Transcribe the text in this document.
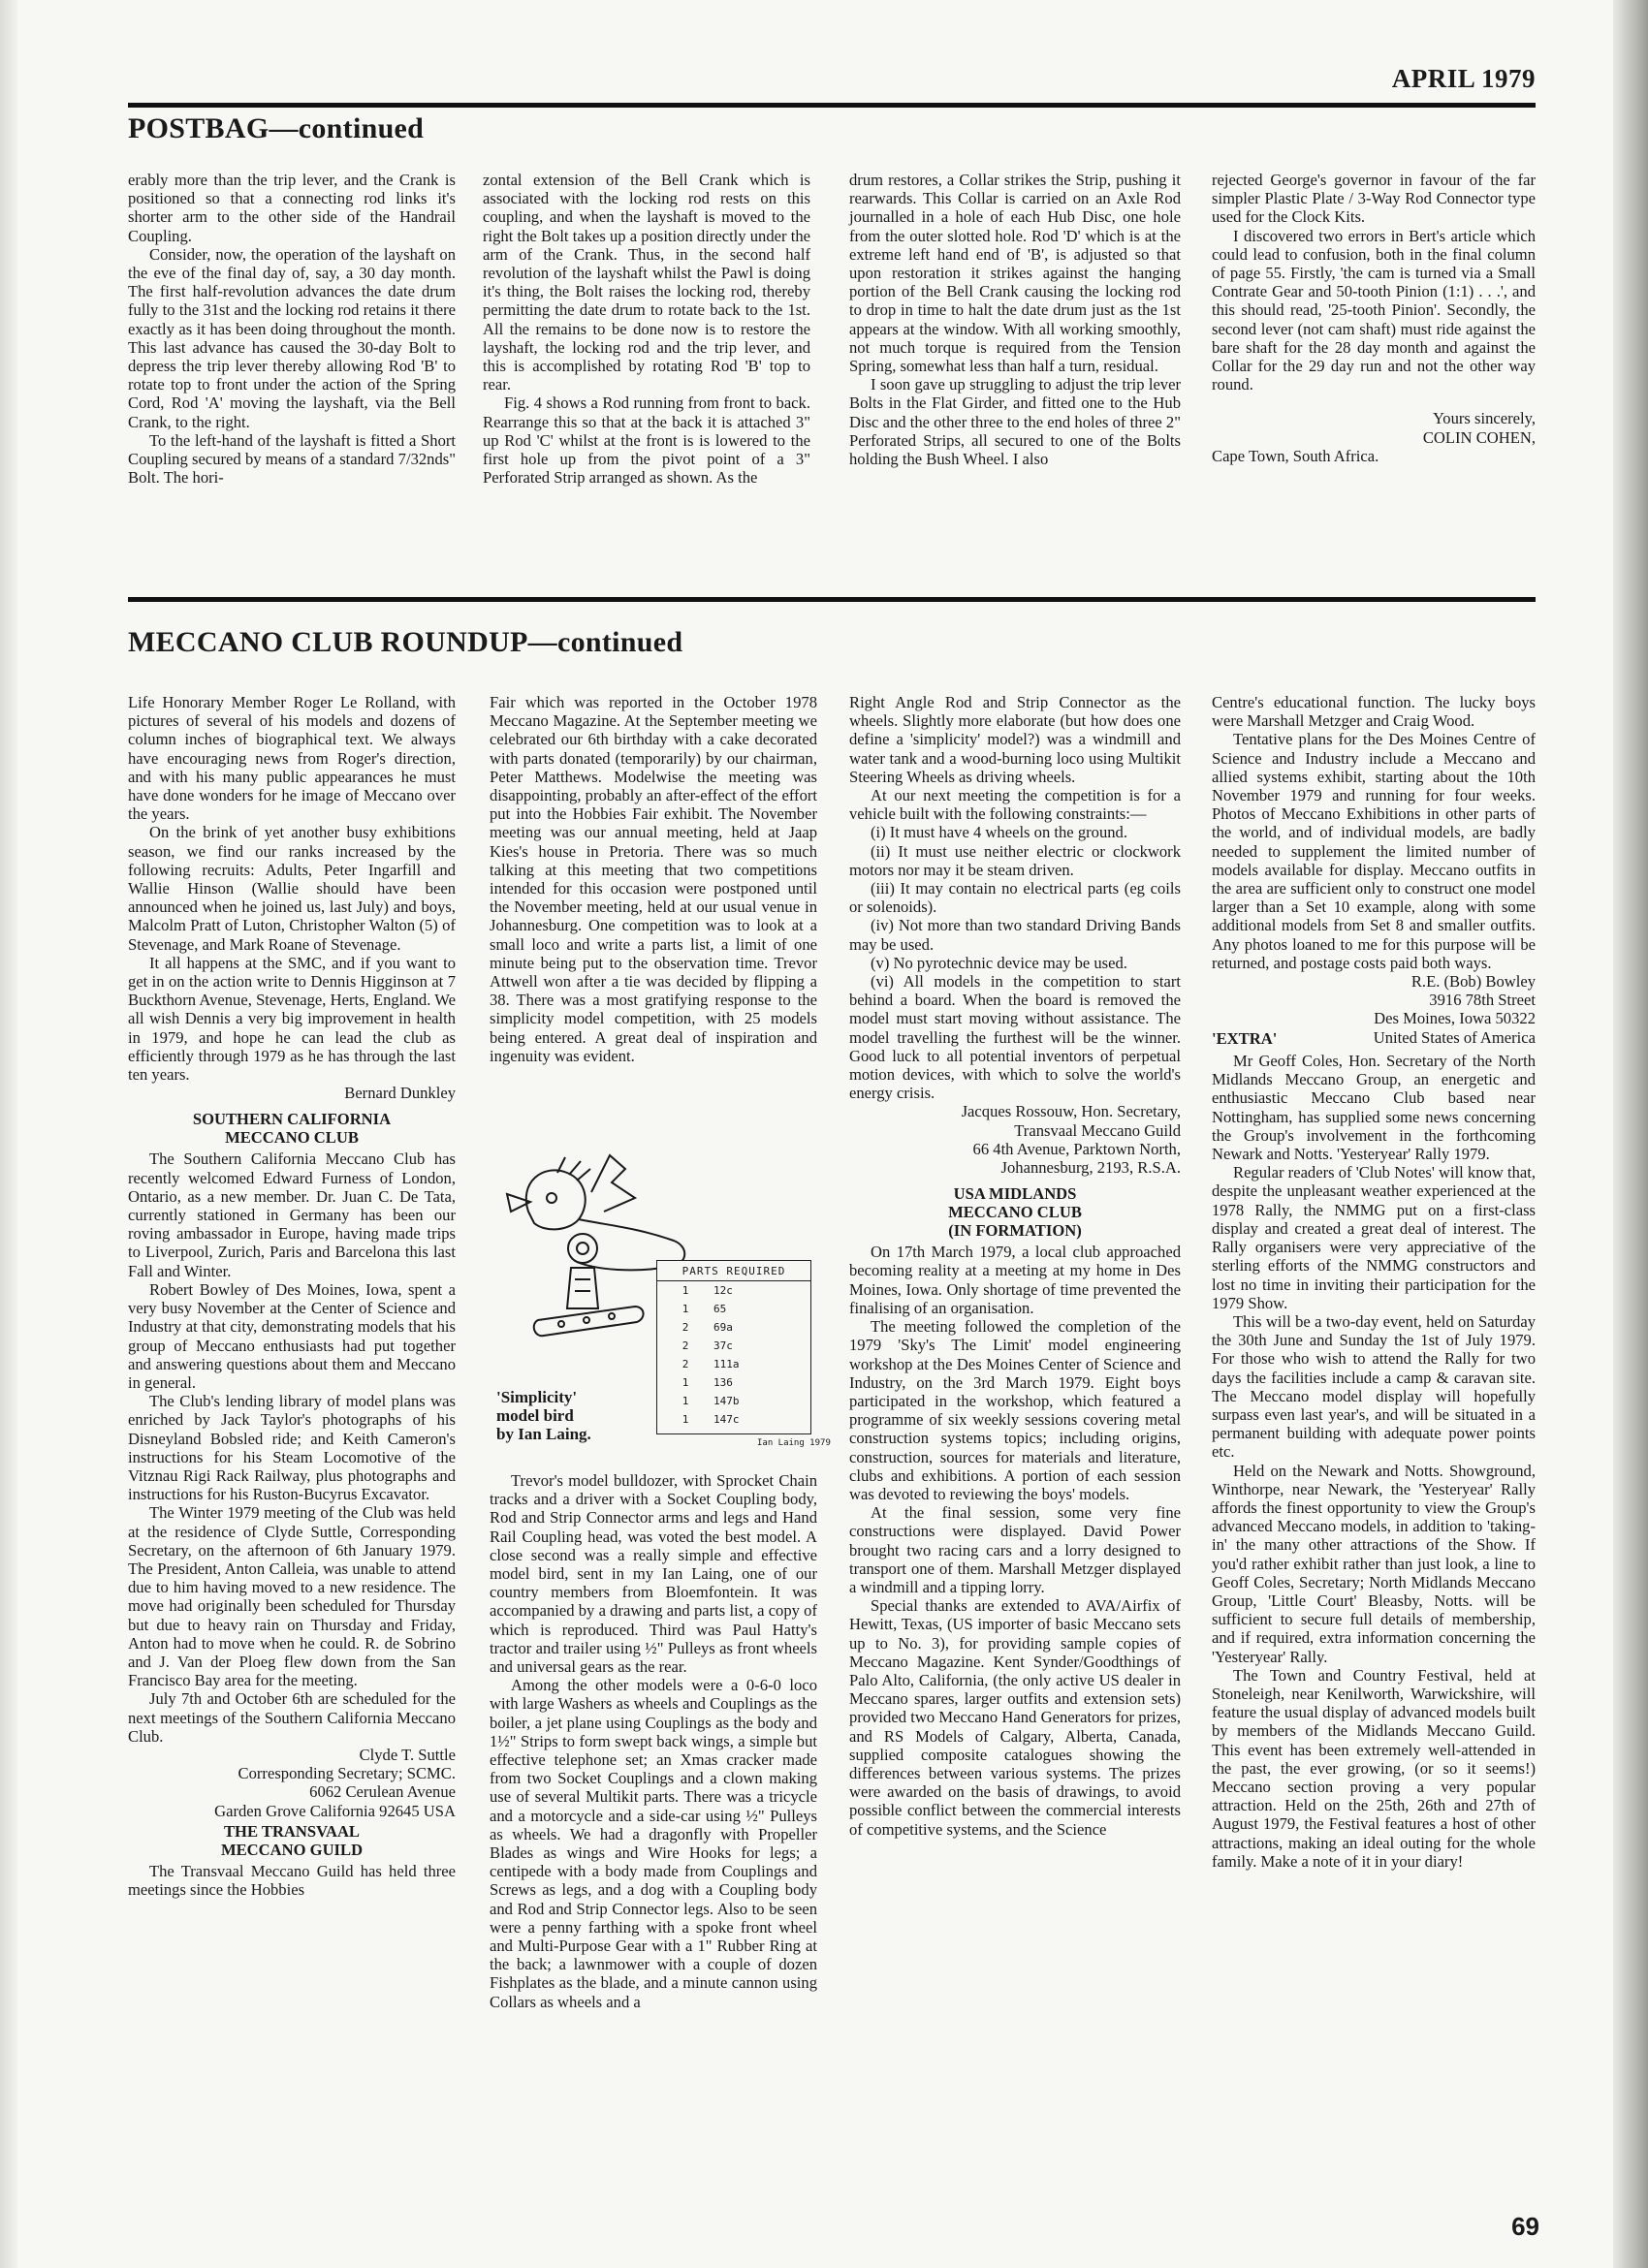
APRIL 1979
POSTBAG—continued

erably more than the trip lever, and the Crank is positioned so that a connecting rod links it's shorter arm to the other side of the Handrail Coupling.

Consider, now, the operation of the layshaft on the eve of the final day of, say, a 30 day month. The first half-revolution advances the date drum fully to the 31st and the locking rod retains it there exactly as it has been doing throughout the month. This last advance has caused the 30-day Bolt to depress the trip lever thereby allowing Rod 'B' to rotate top to front under the action of the Spring Cord, Rod 'A' moving the layshaft, via the Bell Crank, to the right.

To the left-hand of the layshaft is fitted a Short Coupling secured by means of a standard 7/32nds" Bolt. The hori-

zontal extension of the Bell Crank which is associated with the locking rod rests on this coupling, and when the layshaft is moved to the right the Bolt takes up a position directly under the arm of the Crank. Thus, in the second half revolution of the layshaft whilst the Pawl is doing it's thing, the Bolt raises the locking rod, thereby permitting the date drum to rotate back to the 1st. All the remains to be done now is to restore the layshaft, the locking rod and the trip lever, and this is accomplished by rotating Rod 'B' top to rear.

Fig. 4 shows a Rod running from front to back. Rearrange this so that at the back it is attached 3" up Rod 'C' whilst at the front is is lowered to the first hole up from the pivot point of a 3" Perforated Strip arranged as shown. As the

drum restores, a Collar strikes the Strip, pushing it rearwards. This Collar is carried on an Axle Rod journalled in a hole of each Hub Disc, one hole from the outer slotted hole. Rod 'D' which is at the extreme left hand end of 'B', is adjusted so that upon restoration it strikes against the hanging portion of the Bell Crank causing the locking rod to drop in time to halt the date drum just as the 1st appears at the window. With all working smoothly, not much torque is required from the Tension Spring, somewhat less than half a turn, residual.

I soon gave up struggling to adjust the trip lever Bolts in the Flat Girder, and fitted one to the Hub Disc and the other three to the end holes of three 2" Perforated Strips, all secured to one of the Bolts holding the Bush Wheel. I also

rejected George's governor in favour of the far simpler Plastic Plate / 3-Way Rod Connector type used for the Clock Kits.

I discovered two errors in Bert's article which could lead to confusion, both in the final column of page 55. Firstly, 'the cam is turned via a Small Contrate Gear and 50-tooth Pinion (1:1) . . .', and this should read, '25-tooth Pinion'. Secondly, the second lever (not cam shaft) must ride against the bare shaft for the 28 day month and against the Collar for the 29 day run and not the other way round.

Yours sincerely,

COLIN COHEN,

Cape Town, South Africa.

MECCANO CLUB ROUNDUP—continued

Life Honorary Member Roger Le Rolland, with pictures of several of his models and dozens of column inches of biographical text. We always have encouraging news from Roger's direction, and with his many public appearances he must have done wonders for he image of Meccano over the years.

On the brink of yet another busy exhibitions season, we find our ranks increased by the following recruits: Adults, Peter Ingarfill and Wallie Hinson (Wallie should have been announced when he joined us, last July) and boys, Malcolm Pratt of Luton, Christopher Walton (5) of Stevenage, and Mark Roane of Stevenage.

It all happens at the SMC, and if you want to get in on the action write to Dennis Higginson at 7 Buckthorn Avenue, Stevenage, Herts, England. We all wish Dennis a very big improvement in health in 1979, and hope he can lead the club as efficiently through 1979 as he has through the last ten years.

Bernard Dunkley

SOUTHERN CALIFORNIA
MECCANO CLUB

The Southern California Meccano Club has recently welcomed Edward Furness of London, Ontario, as a new member. Dr. Juan C. De Tata, currently stationed in Germany has been our roving ambassador in Europe, having made trips to Liverpool, Zurich, Paris and Barcelona this last Fall and Winter.

Robert Bowley of Des Moines, Iowa, spent a very busy November at the Center of Science and Industry at that city, demonstrating models that his group of Meccano enthusiasts had put together and answering questions about them and Meccano in general.

The Club's lending library of model plans was enriched by Jack Taylor's photographs of his Disneyland Bobsled ride; and Keith Cameron's instructions for his Steam Locomotive of the Vitznau Rigi Rack Railway, plus photographs and instructions for his Ruston-Bucyrus Excavator.

The Winter 1979 meeting of the Club was held at the residence of Clyde Suttle, Corresponding Secretary, on the afternoon of 6th January 1979. The President, Anton Calleia, was unable to attend due to him having moved to a new residence. The move had originally been scheduled for Thursday but due to heavy rain on Thursday and Friday, Anton had to move when he could. R. de Sobrino and J. Van der Ploeg flew down from the San Francisco Bay area for the meeting.

July 7th and October 6th are scheduled for the next meetings of the Southern California Meccano Club.

Clyde T. Suttle

Corresponding Secretary; SCMC.

6062 Cerulean Avenue

Garden Grove California 92645 USA

THE TRANSVAAL
MECCANO GUILD

The Transvaal Meccano Guild has held three meetings since the Hobbies

Fair which was reported in the October 1978 Meccano Magazine. At the September meeting we celebrated our 6th birthday with a cake decorated with parts donated (temporarily) by our chairman, Peter Matthews. Modelwise the meeting was disappointing, probably an after-effect of the effort put into the Hobbies Fair exhibit. The November meeting was our annual meeting, held at Jaap Kies's house in Pretoria. There was so much talking at this meeting that two competitions intended for this occasion were postponed until the November meeting, held at our usual venue in Johannesburg. One competition was to look at a small loco and write a parts list, a limit of one minute being put to the observation time. Trevor Attwell won after a tie was decided by flipping a 38. There was a most gratifying response to the simplicity model competition, with 25 models being entered. A great deal of inspiration and ingenuity was evident.

PARTS REQUIRED
1	12c
1	65
2	69a
2	37c
2	111a
1	136
1	147b
1	147c
'Simplicity'
model bird
by Ian Laing.	Ian Laing 1979

Trevor's model bulldozer, with Sprocket Chain tracks and a driver with a Socket Coupling body, Rod and Strip Connector arms and legs and Hand Rail Coupling head, was voted the best model. A close second was a really simple and effective model bird, sent in my Ian Laing, one of our country members from Bloemfontein. It was accompanied by a drawing and parts list, a copy of which is reproduced. Third was Paul Hatty's tractor and trailer using ½" Pulleys as front wheels and universal gears as the rear.

Among the other models were a 0-6-0 loco with large Washers as wheels and Couplings as the boiler, a jet plane using Couplings as the body and 1½" Strips to form swept back wings, a simple but effective telephone set; an Xmas cracker made from two Socket Couplings and a clown making use of several Multikit parts. There was a tricycle and a motorcycle and a side-car using ½" Pulleys as wheels. We had a dragonfly with Propeller Blades as wings and Wire Hooks for legs; a centipede with a body made from Couplings and Screws as legs, and a dog with a Coupling body and Rod and Strip Connector legs. Also to be seen were a penny farthing with a spoke front wheel and Multi-Purpose Gear with a 1" Rubber Ring at the back; a lawnmower with a couple of dozen Fishplates as the blade, and a minute cannon using Collars as wheels and a

Right Angle Rod and Strip Connector as the wheels. Slightly more elaborate (but how does one define a 'simplicity' model?) was a windmill and water tank and a wood-burning loco using Multikit Steering Wheels as driving wheels.

At our next meeting the competition is for a vehicle built with the following constraints:—

(i) It must have 4 wheels on the ground.

(ii) It must use neither electric or clockwork motors nor may it be steam driven.

(iii) It may contain no electrical parts (eg coils or solenoids).

(iv) Not more than two standard Driving Bands may be used.

(v) No pyrotechnic device may be used.

(vi) All models in the competition to start behind a board. When the board is removed the model must start moving without assistance. The model travelling the furthest will be the winner. Good luck to all potential inventors of perpetual motion devices, with which to solve the world's energy crisis.

Jacques Rossouw, Hon. Secretary,

Transvaal Meccano Guild

66 4th Avenue, Parktown North,

Johannesburg, 2193, R.S.A.

USA MIDLANDS
MECCANO CLUB
(IN FORMATION)

On 17th March 1979, a local club approached becoming reality at a meeting at my home in Des Moines, Iowa. Only shortage of time prevented the finalising of an organisation.

The meeting followed the completion of the 1979 'Sky's The Limit' model engineering workshop at the Des Moines Center of Science and Industry, on the 3rd March 1979. Eight boys participated in the workshop, which featured a programme of six weekly sessions covering metal construction systems topics; including origins, construction, sources for materials and literature, clubs and exhibitions. A portion of each session was devoted to reviewing the boys' models.

At the final session, some very fine constructions were displayed. David Power brought two racing cars and a lorry designed to transport one of them. Marshall Metzger displayed a windmill and a tipping lorry.

Special thanks are extended to AVA/Airfix of Hewitt, Texas, (US importer of basic Meccano sets up to No. 3), for providing sample copies of Meccano Magazine. Kent Synder/Goodthings of Palo Alto, California, (the only active US dealer in Meccano spares, larger outfits and extension sets) provided two Meccano Hand Generators for prizes, and RS Models of Calgary, Alberta, Canada, supplied composite catalogues showing the differences between various systems. The prizes were awarded on the basis of drawings, to avoid possible conflict between the commercial interests of competitive systems, and the Science

Centre's educational function. The lucky boys were Marshall Metzger and Craig Wood.

Tentative plans for the Des Moines Centre of Science and Industry include a Meccano and allied systems exhibit, starting about the 10th November 1979 and running for four weeks. Photos of Meccano Exhibitions in other parts of the world, and of individual models, are badly needed to supplement the limited number of models available for display. Meccano outfits in the area are sufficient only to construct one model larger than a Set 10 example, along with some additional models from Set 8 and smaller outfits. Any photos loaned to me for this purpose will be returned, and postage costs paid both ways.

R.E. (Bob) Bowley

3916 78th Street

Des Moines, Iowa 50322

United States of America

'EXTRA'

Mr Geoff Coles, Hon. Secretary of the North Midlands Meccano Group, an energetic and enthusiastic Meccano Club based near Nottingham, has supplied some news concerning the Group's involvement in the forthcoming Newark and Notts. 'Yesteryear' Rally 1979.

Regular readers of 'Club Notes' will know that, despite the unpleasant weather experienced at the 1978 Rally, the NMMG put on a first-class display and created a great deal of interest. The Rally organisers were very appreciative of the sterling efforts of the NMMG constructors and lost no time in inviting their participation for the 1979 Show.

This will be a two-day event, held on Saturday the 30th June and Sunday the 1st of July 1979. For those who wish to attend the Rally for two days the facilities include a camp & caravan site. The Meccano model display will hopefully surpass even last year's, and will be situated in a permanent building with adequate power points etc.

Held on the Newark and Notts. Showground, Winthorpe, near Newark, the 'Yesteryear' Rally affords the finest opportunity to view the Group's advanced Meccano models, in addition to 'taking-in' the many other attractions of the Show. If you'd rather exhibit rather than just look, a line to Geoff Coles, Secretary; North Midlands Meccano Group, 'Little Court' Bleasby, Notts. will be sufficient to secure full details of membership, and if required, extra information concerning the 'Yesteryear' Rally.

The Town and Country Festival, held at Stoneleigh, near Kenilworth, Warwickshire, will feature the usual display of advanced models built by members of the Midlands Meccano Guild. This event has been extremely well-attended in the past, the ever growing, (or so it seems!) Meccano section proving a very popular attraction. Held on the 25th, 26th and 27th of August 1979, the Festival features a host of other attractions, making an ideal outing for the whole family. Make a note of it in your diary!

69
